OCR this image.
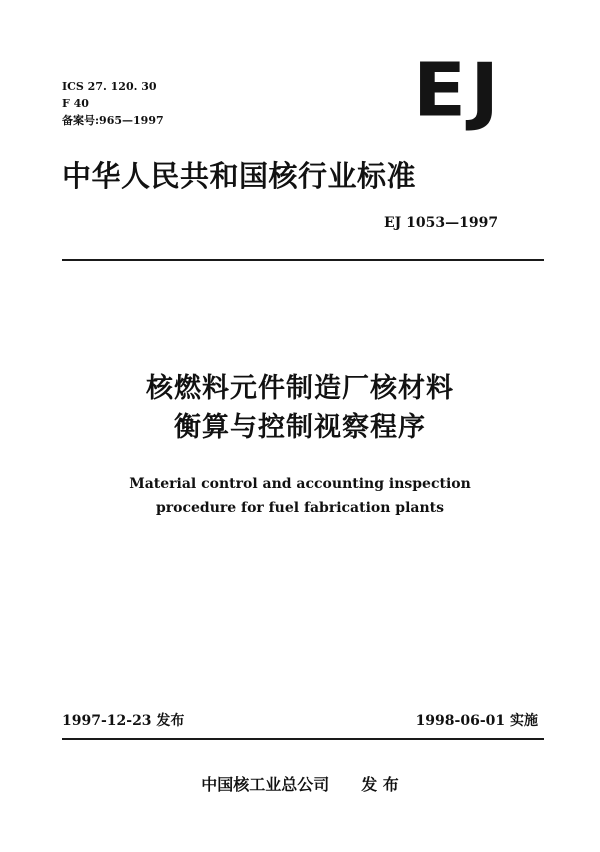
ICS 27. 120. 30
F 40
备案号:965—1997	EJ
中华人民共和国核行业标准
EJ 1053—1997
核燃料元件制造厂核材料
衡算与控制视察程序
Material control and accounting inspection
procedure for fuel fabrication plants
1997-12-23 发布	1998-06-01 实施
中国核工业总公司 发 布
